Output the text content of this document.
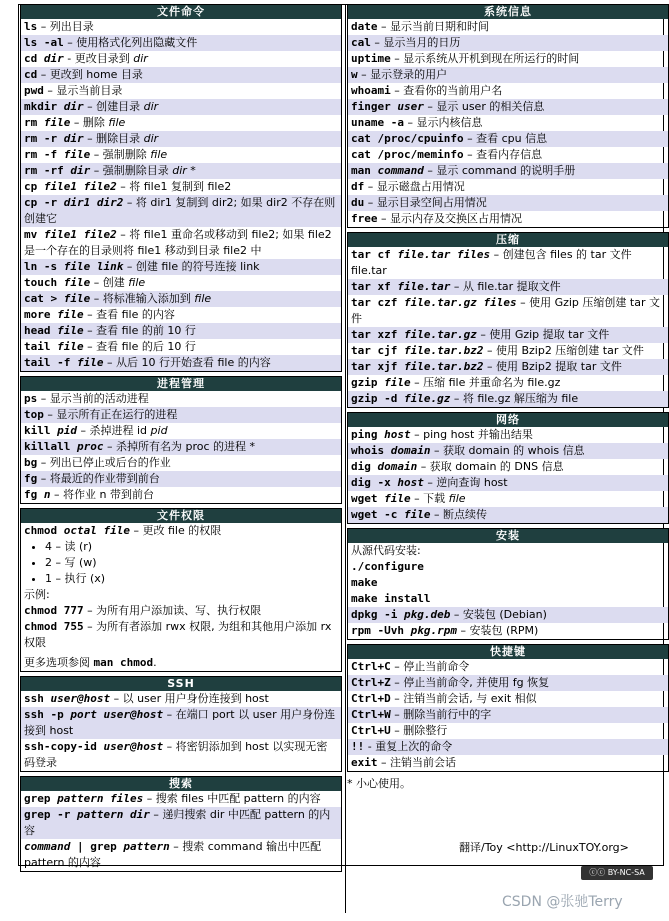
文件命令
ls – 列出目录
ls -al – 使用格式化列出隐藏文件
cd dir - 更改目录到 dir
cd – 更改到 home 目录
pwd – 显示当前目录
mkdir dir – 创建目录 dir
rm file – 删除 file
rm -r dir – 删除目录 dir
rm -f file – 强制删除 file
rm -rf dir – 强制删除目录 dir *
cp file1 file2 – 将 file1 复制到 file2
cp -r dir1 dir2 – 将 dir1 复制到 dir2; 如果 dir2 不存在则创建它
mv file1 file2 – 将 file1 重命名或移动到 file2; 如果 file2 是一个存在的目录则将 file1 移动到目录 file2 中
ln -s file link – 创建 file 的符号连接 link
touch file – 创建 file
cat > file – 将标准输入添加到 file
more file – 查看 file 的内容
head file – 查看 file 的前 10 行
tail file – 查看 file 的后 10 行
tail -f file – 从后 10 行开始查看 file 的内容
进程管理
ps – 显示当前的活动进程
top – 显示所有正在运行的进程
kill pid – 杀掉进程 id pid
killall proc – 杀掉所有名为 proc 的进程 *
bg – 列出已停止或后台的作业
fg – 将最近的作业带到前台
fg n – 将作业 n 带到前台
文件权限
chmod octal file – 更改 file 的权限
• 4 – 读 (r)
• 2 – 写 (w)
• 1 – 执行 (x)
示例:
chmod 777 – 为所有用户添加读、写、执行权限
chmod 755 – 为所有者添加 rwx 权限, 为组和其他用户添加 rx 权限
更多选项参阅 man chmod.
SSH
ssh user@host – 以 user 用户身份连接到 host
ssh -p port user@host – 在端口 port 以 user 用户身份连接到 host
ssh-copy-id user@host – 将密钥添加到 host 以实现无密码登录
搜索
grep pattern files – 搜索 files 中匹配 pattern 的内容
grep -r pattern dir – 递归搜索 dir 中匹配 pattern 的内容
command | grep pattern – 搜索 command 输出中匹配 pattern 的内容
系统信息
date – 显示当前日期和时间
cal – 显示当月的日历
uptime – 显示系统从开机到现在所运行的时间
w – 显示登录的用户
whoami – 查看你的当前用户名
finger user – 显示 user 的相关信息
uname -a – 显示内核信息
cat /proc/cpuinfo – 查看 cpu 信息
cat /proc/meminfo – 查看内存信息
man command – 显示 command 的说明手册
df – 显示磁盘占用情况
du – 显示目录空间占用情况
free – 显示内存及交换区占用情况
压缩
tar cf file.tar files – 创建包含 files 的 tar 文件 file.tar
tar xf file.tar – 从 file.tar 提取文件
tar czf file.tar.gz files – 使用 Gzip 压缩创建 tar 文件
tar xzf file.tar.gz – 使用 Gzip 提取 tar 文件
tar cjf file.tar.bz2 – 使用 Bzip2 压缩创建 tar 文件
tar xjf file.tar.bz2 – 使用 Bzip2 提取 tar 文件
gzip file – 压缩 file 并重命名为 file.gz
gzip -d file.gz – 将 file.gz 解压缩为 file
网络
ping host – ping host 并输出结果
whois domain – 获取 domain 的 whois 信息
dig domain – 获取 domain 的 DNS 信息
dig -x host – 逆向查询 host
wget file – 下载 file
wget -c file – 断点续传
安装
从源代码安装:
./configure
make
make install
dpkg -i pkg.deb – 安装包 (Debian)
rpm -Uvh pkg.rpm – 安装包 (RPM)
快捷键
Ctrl+C – 停止当前命令
Ctrl+Z – 停止当前命令, 并使用 fg 恢复
Ctrl+D – 注销当前会话, 与 exit 相似
Ctrl+W – 删除当前行中的字
Ctrl+U – 删除整行
!! - 重复上次的命令
exit – 注销当前会话
* 小心使用。
翻译/Toy <http://LinuxTOY.org>
ⓒⓒ BY-NC-SA
CSDN @张驰Terry
